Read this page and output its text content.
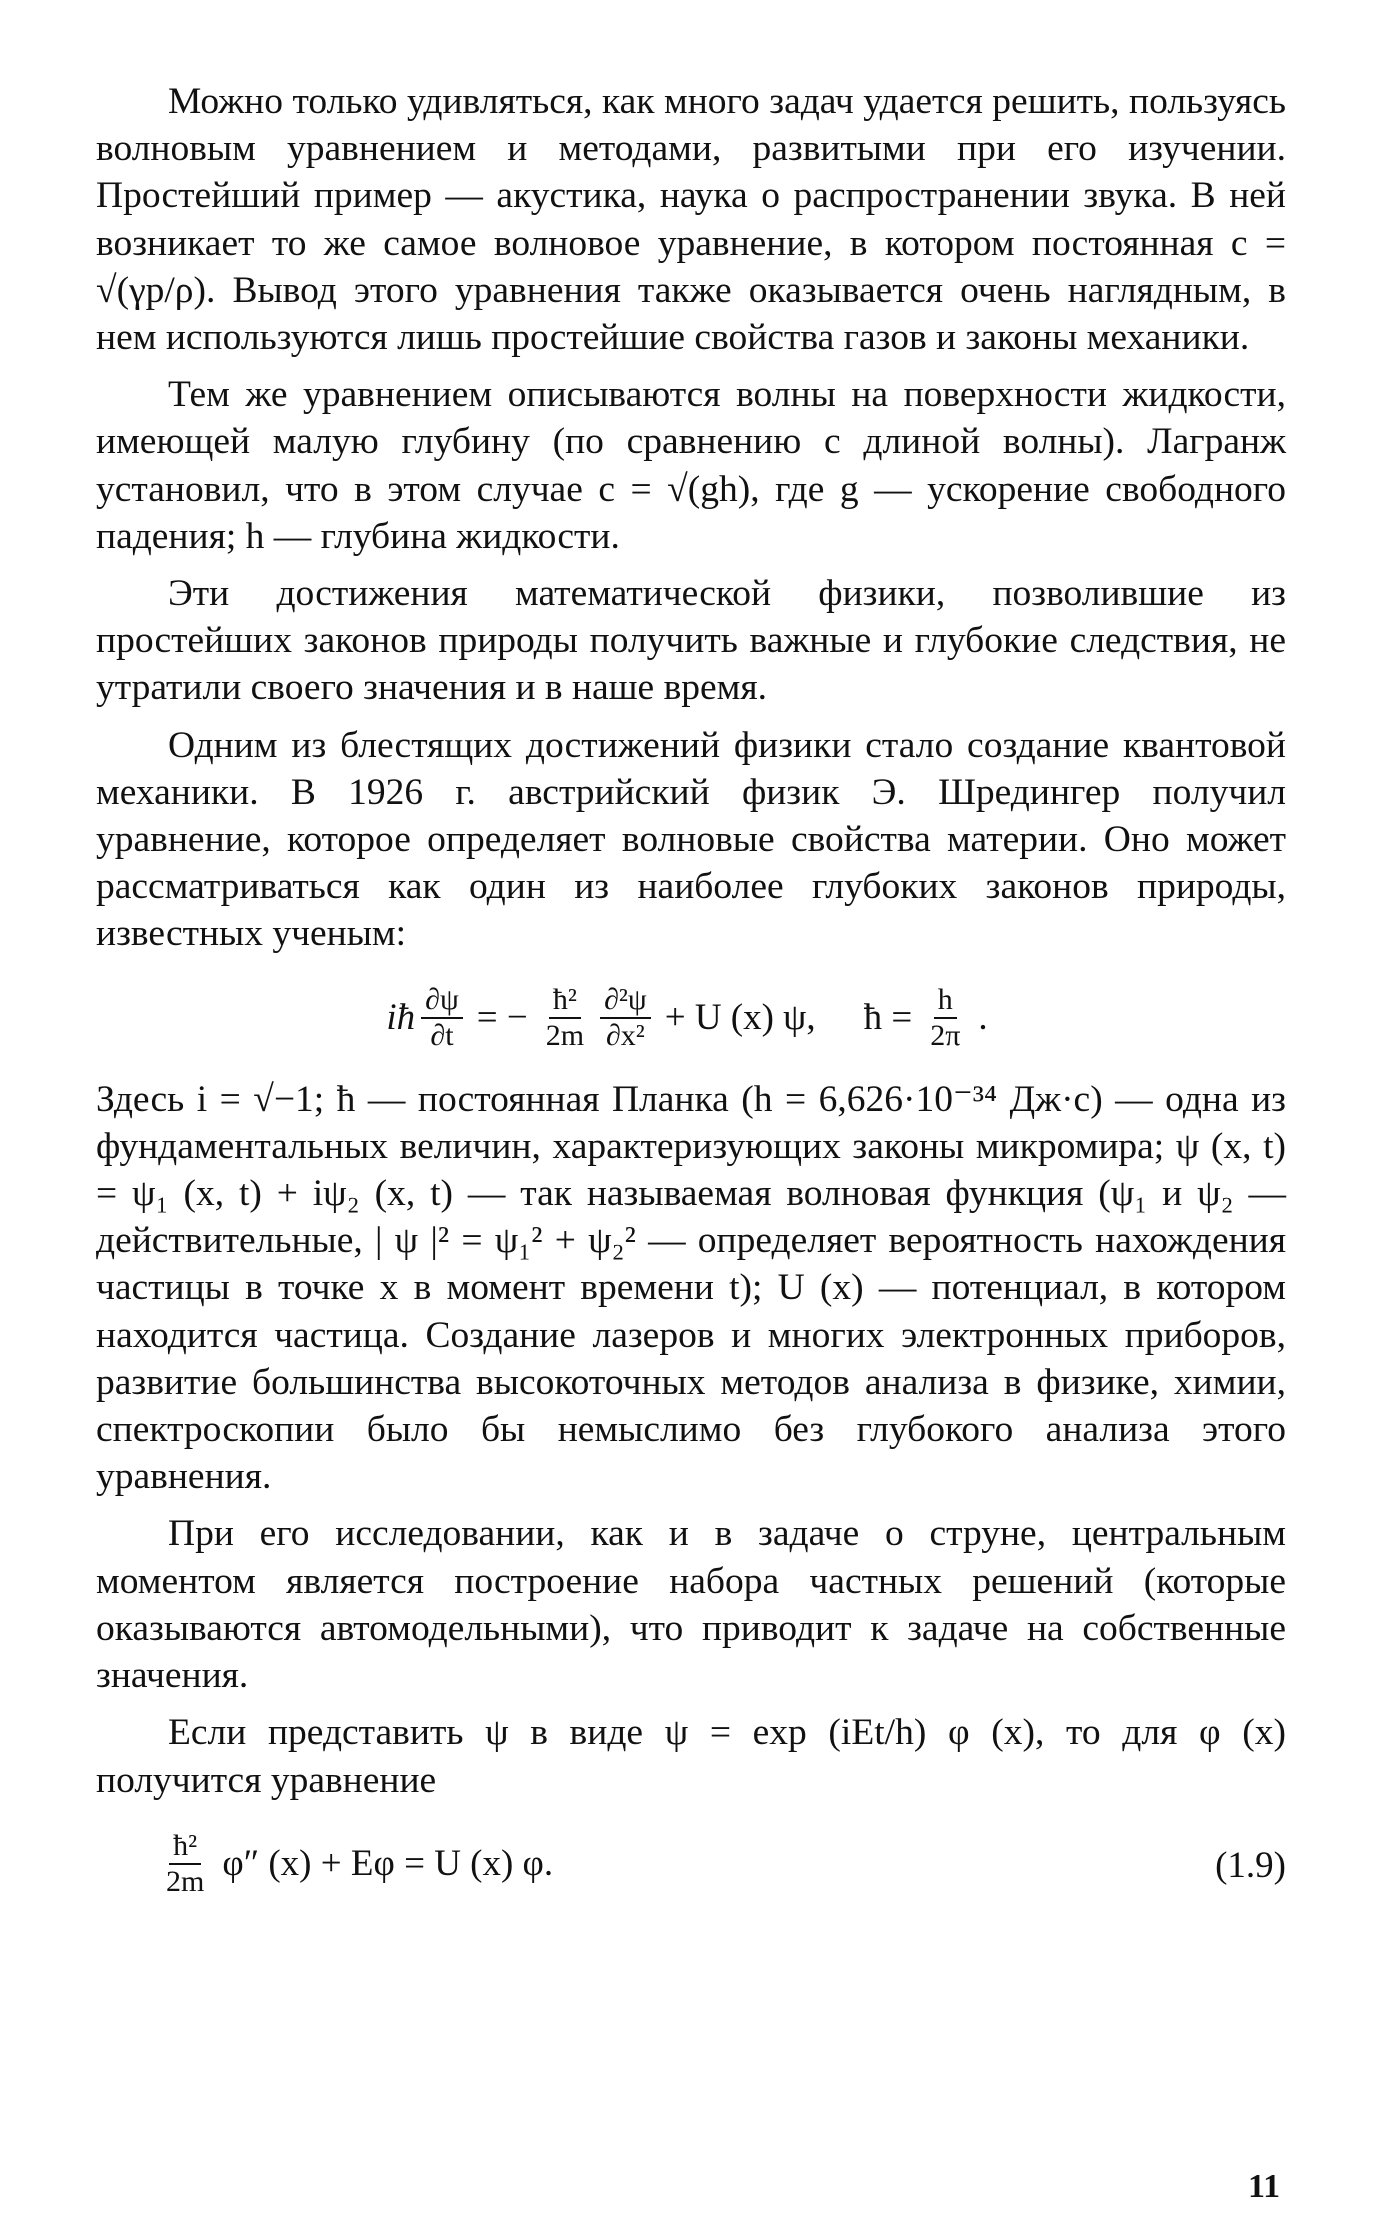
Можно только удивляться, как много задач удается решить, пользуясь волновым уравнением и методами, развитыми при его изучении. Простейший пример — акустика, наука о распространении звука. В ней возникает то же самое волновое уравнение, в котором постоянная c = √(γp/ρ). Вывод этого уравнения также оказывается очень наглядным, в нем используются лишь простейшие свойства газов и законы механики.

Тем же уравнением описываются волны на поверхности жидкости, имеющей малую глубину (по сравнению с длиной волны). Лагранж установил, что в этом случае c = √(gh), где g — ускорение свободного падения; h — глубина жидкости.

Эти достижения математической физики, позволившие из простейших законов природы получить важные и глубокие следствия, не утратили своего значения и в наше время.

Одним из блестящих достижений физики стало создание квантовой механики. В 1926 г. австрийский физик Э. Шредингер получил уравнение, которое определяет волновые свойства материи. Оно может рассматриваться как один из наиболее глубоких законов природы, известных ученым:

iħ $\frac{\partial\psi}{\partial t}$ = − $\frac{\text{ħ²}}{2m} \frac{\text{∂²ψ}}{\text{∂x²}} + U$ (x) ψ, ħ = $\frac{h}{2\pi}$ .

Здесь i = √−1; ħ — постоянная Планка (h = 6,626·10⁻³⁴ Дж·с) — одна из фундаментальных величин, характеризующих законы микромира; ψ (x, t) = ψ₁ (x, t) + iψ₂ (x, t) — так называемая волновая функция (ψ₁ и ψ₂ — действительные, | ψ |² = ψ₁² + ψ₂² — определяет вероятность нахождения частицы в точке x в момент времени t); U (x) — потенциал, в котором находится частица. Создание лазеров и многих электронных приборов, развитие большинства высокоточных методов анализа в физике, химии, спектроскопии было бы немыслимо без глубокого анализа этого уравнения.

При его исследовании, как и в задаче о струне, центральным моментом является построение набора частных решений (которые оказываются автомодельными), что приводит к задаче на собственные значения.

Если представить ψ в виде ψ = exp (iEt/h) φ (x), то для φ (x) получится уравнение

$\frac{\text{ħ²}}{2m} \varphi''$ (x) + Eφ = U (x) φ.	(1.9)
11
